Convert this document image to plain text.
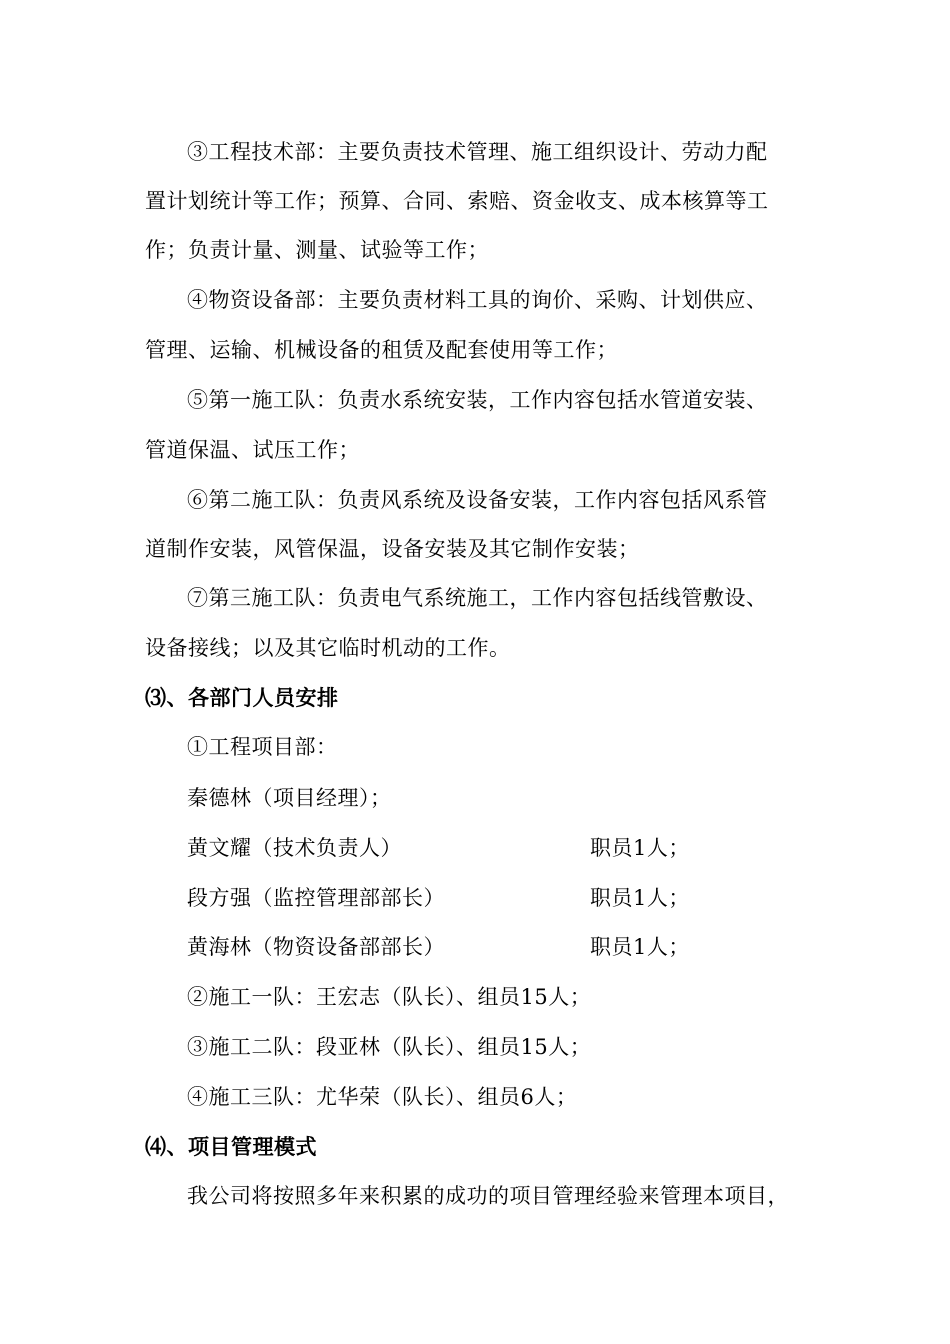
③工程技术部：主要负责技术管理、施工组织设计、劳动力配
置计划统计等工作；预算、合同、索赔、资金收支、成本核算等工
作；负责计量、测量、试验等工作；
④物资设备部：主要负责材料工具的询价、采购、计划供应、
管理、运输、机械设备的租赁及配套使用等工作；
⑤第一施工队：负责水系统安装，工作内容包括水管道安装、
管道保温、试压工作；
⑥第二施工队：负责风系统及设备安装，工作内容包括风系管
道制作安装，风管保温，设备安装及其它制作安装；
⑦第三施工队：负责电气系统施工，工作内容包括线管敷设、
设备接线；以及其它临时机动的工作。
⑶、各部门人员安排
①工程项目部：
秦德林（项目经理）；
黄文耀（技术负责人）	职员1人；
段方强（监控管理部部长）	职员1人；
黄海林（物资设备部部长）	职员1人；
②施工一队：王宏志（队长）、组员15人；
③施工二队：段亚林（队长）、组员15人；
④施工三队：尤华荣（队长）、组员6人；
⑷、项目管理模式
我公司将按照多年来积累的成功的项目管理经验来管理本项目，
